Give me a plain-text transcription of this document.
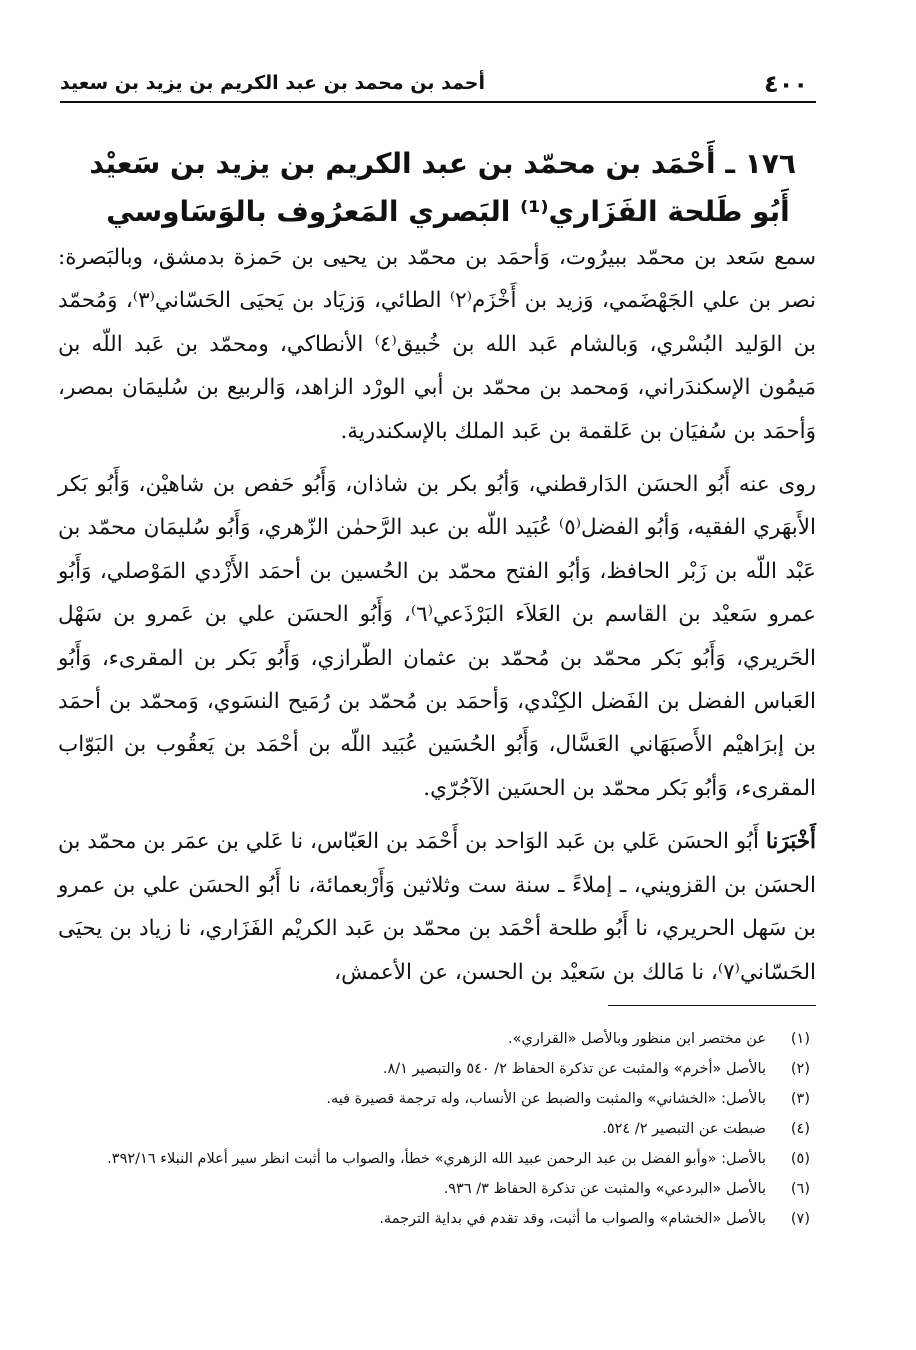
٤٠٠
أحمد بن محمد بن عبد الكريم بن يزيد بن سعيد
١٧٦ ـ أَحْمَد بن محمّد بن عبد الكريم بن يزيد بن سَعيْد
أَبُو طَلحة الفَزَاري⁽¹⁾ البَصري المَعرُوف بالوَسَاوسي

سمع سَعد بن محمّد ببيرُوت، وَأحمَد بن محمّد بن يحيى بن حَمزة بدمشق، وبالبَصرة: نصر بن علي الجَهْضَمي، وَزيد بن أَخْزَم⁽٢⁾ الطائي، وَزيَاد بن يَحيَى الحَسّاني⁽٣⁾، وَمُحمّد بن الوَليد البُسْري، وَبالشام عَبد الله بن خُبيق⁽٤⁾ الأنطاكي، ومحمّد بن عَبد اللّه بن مَيمُون الإسكندَراني، وَمحمد بن محمّد بن أبي الورْد الزاهد، وَالربيع بن سُليمَان بمصر، وَأحمَد بن سُفيَان بن عَلقمة بن عَبد الملك بالإسكندرية.

روى عنه أَبُو الحسَن الدَارقطني، وَأبُو بكر بن شاذان، وَأَبُو حَفص بن شاهيْن، وَأَبُو بَكر الأَبهَري الفقيه، وَأبُو الفضل⁽٥⁾ عُبَيد اللّه بن عبد الرَّحمٰن الزّهري، وَأَبُو سُليمَان محمّد بن عَبْد اللّه بن زَبْر الحافظ، وَأبُو الفتح محمّد بن الحُسين بن أحمَد الأَزْدي المَوْصلي، وَأَبُو عمرو سَعيْد بن القاسم بن العَلاَء البَرْذَعي⁽٦⁾، وَأَبُو الحسَن علي بن عَمرو بن سَهْل الحَريري، وَأَبُو بَكر محمّد بن مُحمّد بن عثمان الطّرازي، وَأَبُو بَكر بن المقرىء، وَأَبُو العَباس الفضل بن الفَضل الكِنْدي، وَأحمَد بن مُحمّد بن رُمَيح النسَوي، وَمحمّد بن أحمَد بن إبرَاهيْم الأَصبَهَاني العَسَّال، وَأَبُو الحُسَين عُبَيد اللّه بن أحْمَد بن يَعقُوب بن البَوّاب المقرىء، وَأبُو بَكر محمّد بن الحسَين الآجُرّي.

أَخْبَرَنا أَبُو الحسَن عَلي بن عَبد الوَاحد بن أَحْمَد بن العَبّاس، نا عَلي بن عمَر بن محمّد بن الحسَن بن القزويني، ـ إملاءً ـ سنة ست وثلاثين وَأَرْبعمائة، نا أَبُو الحسَن علي بن عمرو بن سَهل الحريري، نا أَبُو طلحة أحْمَد بن محمّد بن عَبد الكريْم الفَزَاري، نا زياد بن يحيَى الحَسّاني⁽٧⁾، نا مَالك بن سَعيْد بن الحسن، عن الأعمش،

(١)
عن مختصر ابن منظور وبالأصل «القراري».
(٢)
بالأصل «أخرم» والمثبت عن تذكرة الحفاظ ٢/ ٥٤٠ والتبصير ٨/١.
(٣)
بالأصل: «الخشاني» والمثبت والضبط عن الأنساب، وله ترجمة قصيرة فيه.
(٤)
ضبطت عن التبصير ٢/ ٥٢٤.
(٥)
بالأصل: «وأبو الفضل بن عبد الرحمن عبيد الله الزهري» خطأ، والصواب ما أثبت انظر سير أعلام النبلاء ٣٩٢/١٦.
(٦)
بالأصل «البردعي» والمثبت عن تذكرة الحفاظ ٣/ ٩٣٦.
(٧)
بالأصل «الخشام» والصواب ما أثبت، وقد تقدم في بداية الترجمة.
